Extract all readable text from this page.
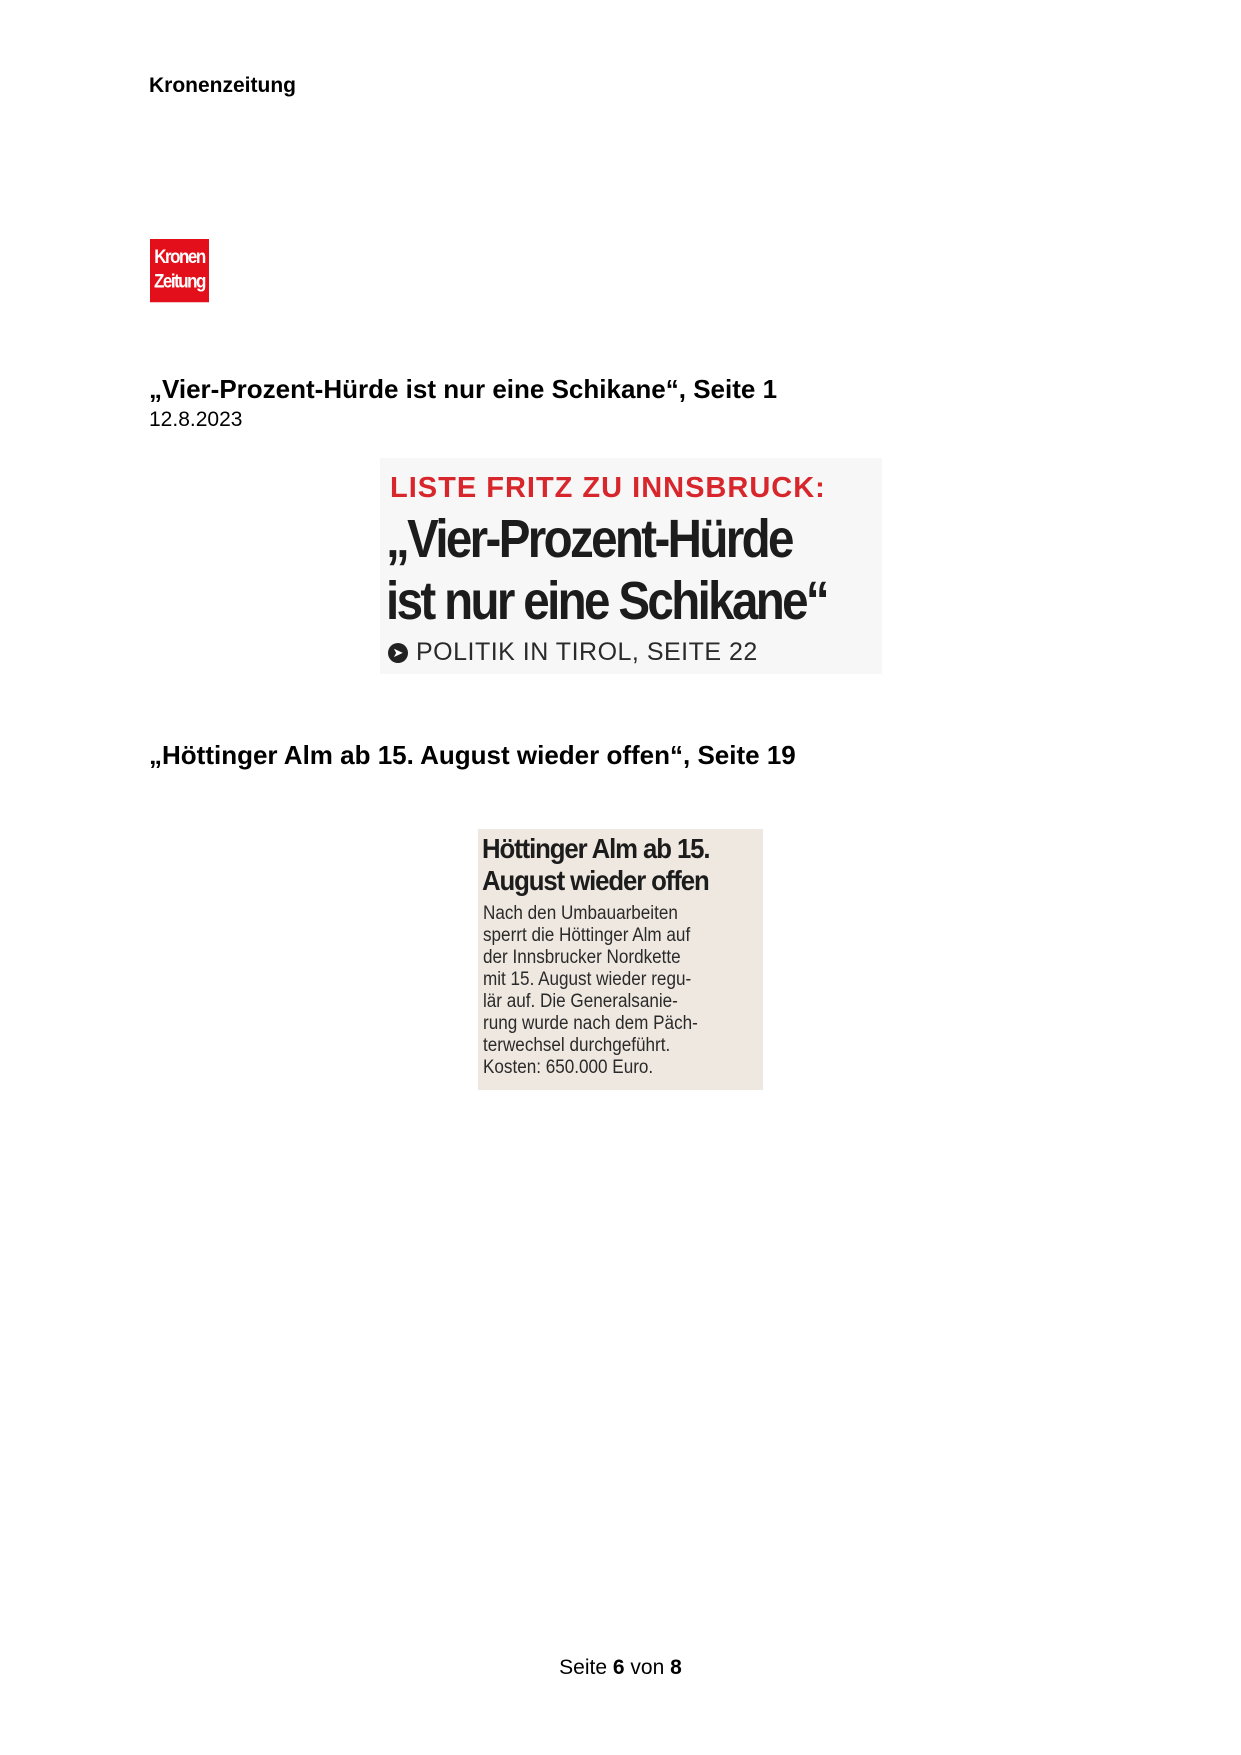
Kronenzeitung
Kronen
Zeitung
„Vier-Prozent-Hürde ist nur eine Schikane“, Seite 1
12.8.2023
LISTE FRITZ ZU INNSBRUCK:
„Vier-Prozent-Hürde
ist nur eine Schikane“
➤ POLITIK IN TIROL, SEITE 22
„Höttinger Alm ab 15. August wieder offen“, Seite 19
Höttinger Alm ab 15.
August wieder offen
Nach den Umbauarbeiten
sperrt die Höttinger Alm auf
der Innsbrucker Nordkette
mit 15. August wieder regu-
lär auf. Die Generalsanie-
rung wurde nach dem Päch-
terwechsel durchgeführt.
Kosten: 650.000 Euro.
Seite 6 von 8
